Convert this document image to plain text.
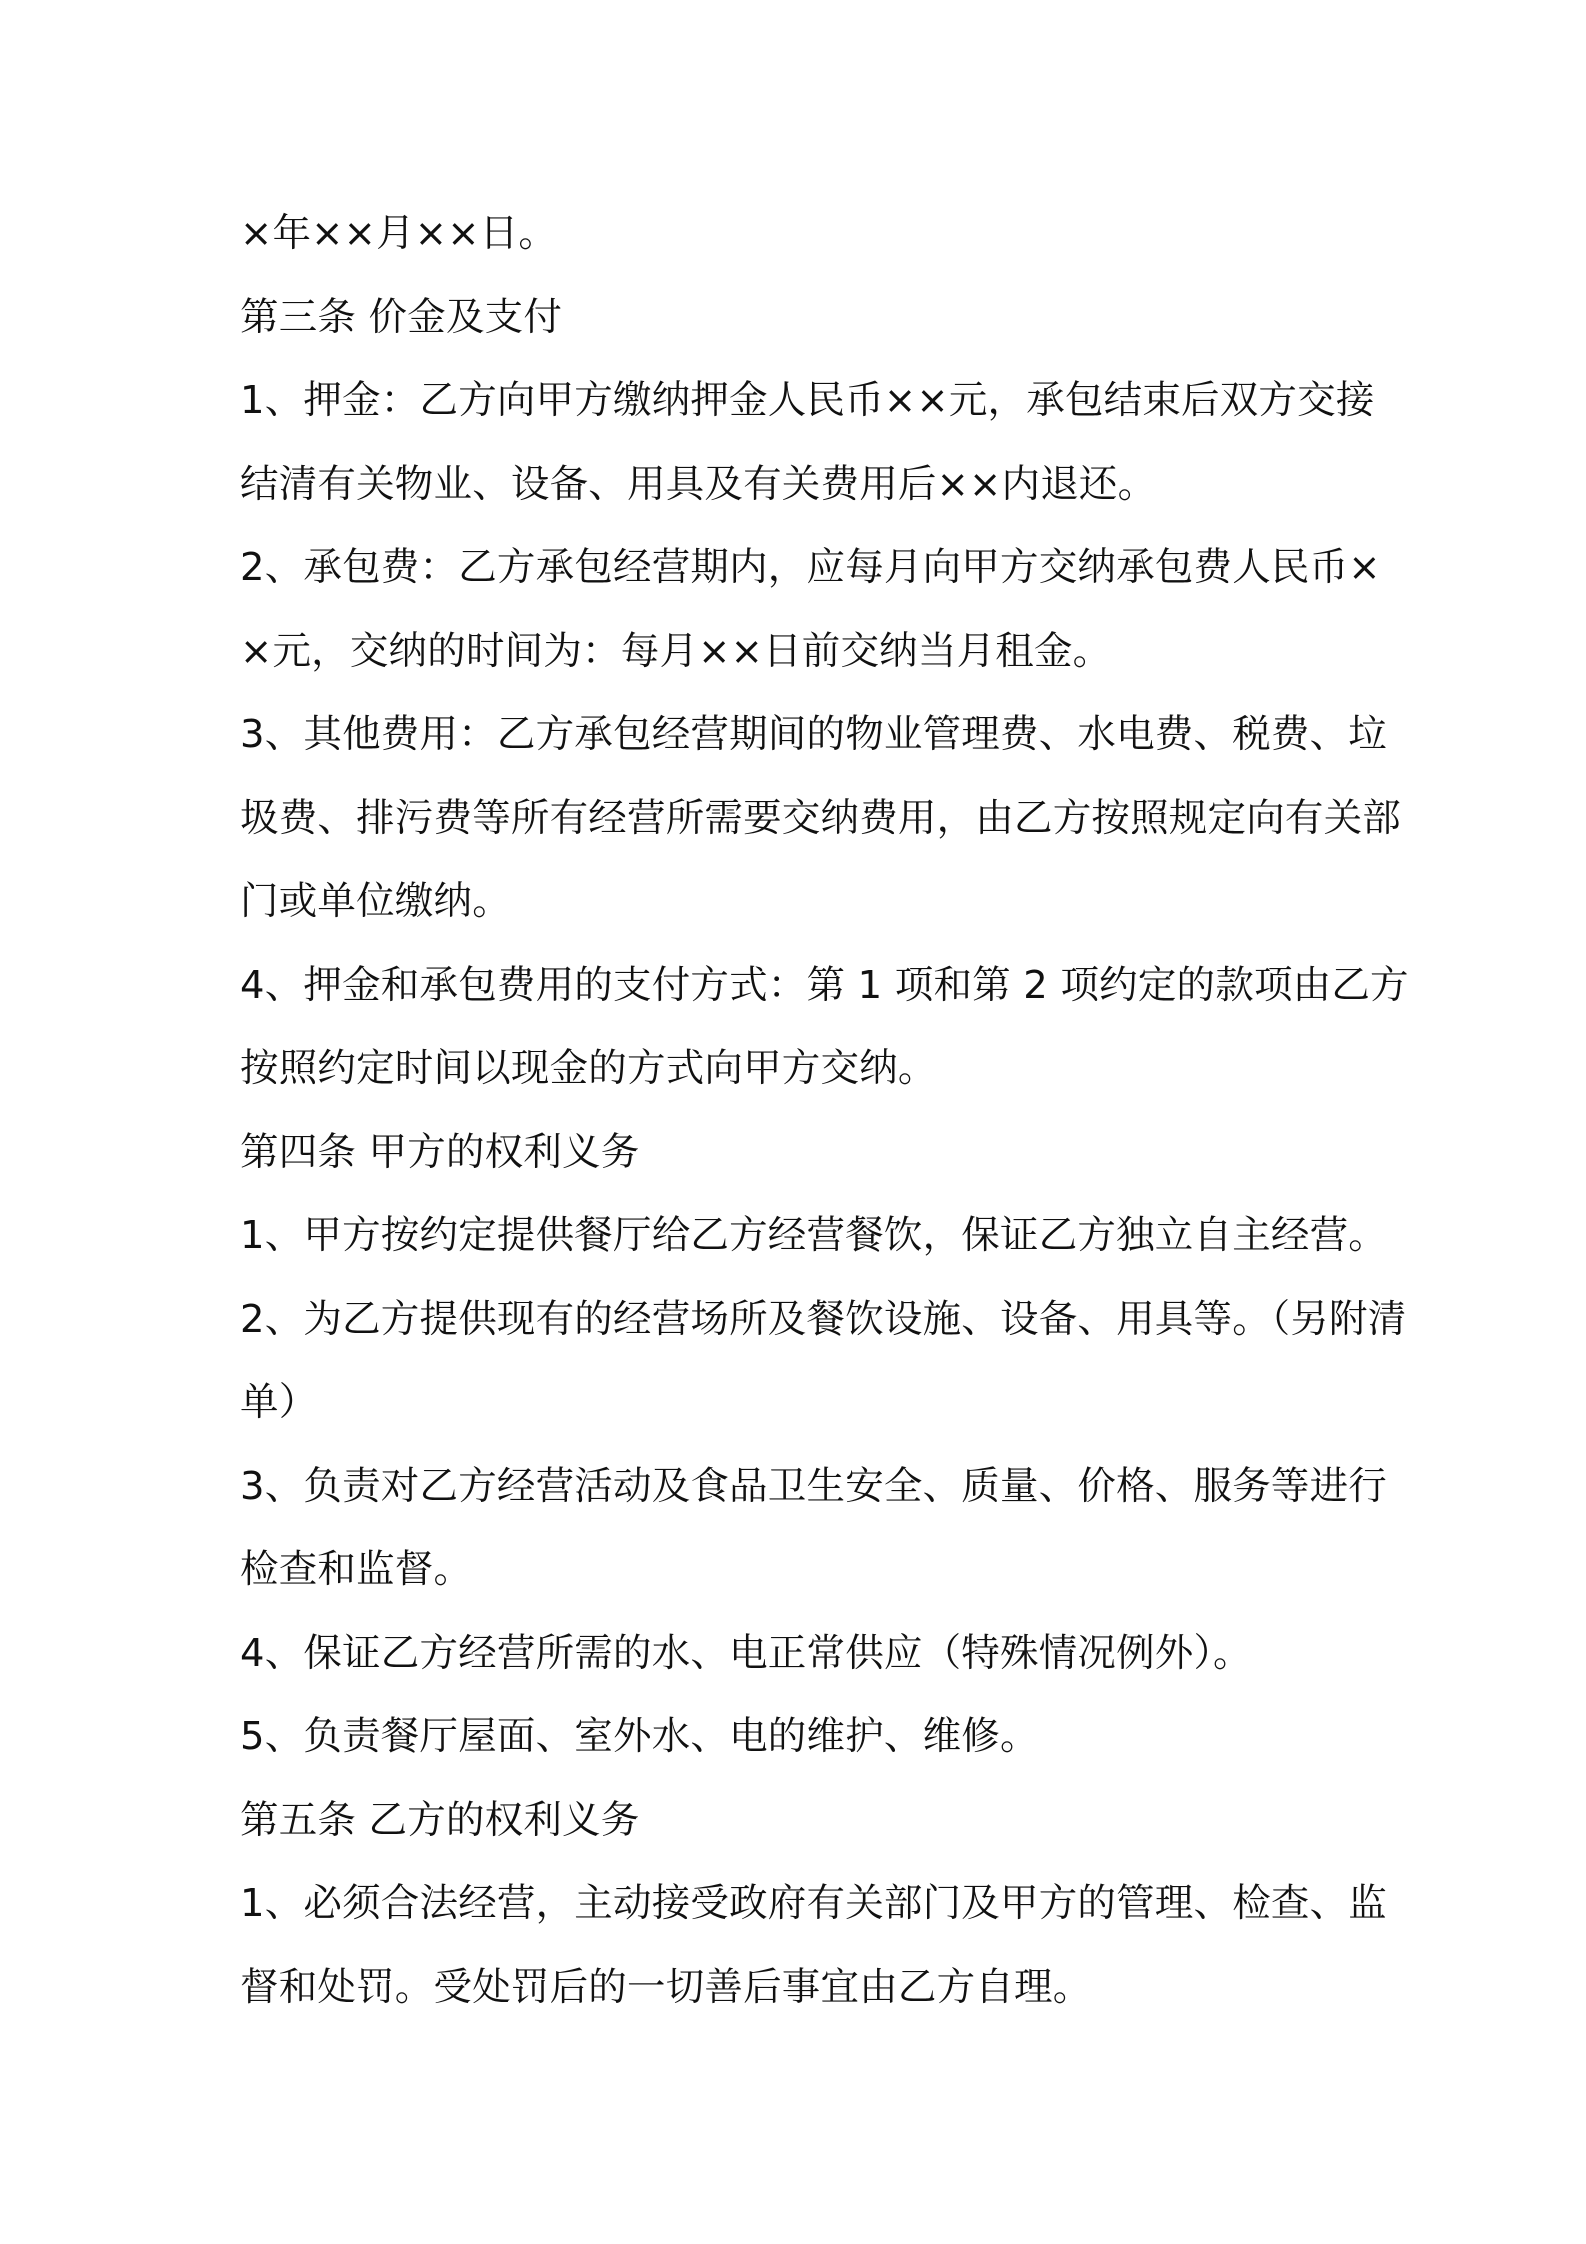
×年××月××日。
第三条 价金及支付
1、押金：乙方向甲方缴纳押金人民币××元，承包结束后双方交接
结清有关物业、设备、用具及有关费用后××内退还。
2、承包费：乙方承包经营期内，应每月向甲方交纳承包费人民币×
×元，交纳的时间为：每月××日前交纳当月租金。
3、其他费用：乙方承包经营期间的物业管理费、水电费、税费、垃
圾费、排污费等所有经营所需要交纳费用，由乙方按照规定向有关部
门或单位缴纳。
4、押金和承包费用的支付方式：第 1 项和第 2 项约定的款项由乙方
按照约定时间以现金的方式向甲方交纳。
第四条 甲方的权利义务
1、甲方按约定提供餐厅给乙方经营餐饮，保证乙方独立自主经营。
2、为乙方提供现有的经营场所及餐饮设施、设备、用具等。（另附清
单）
3、负责对乙方经营活动及食品卫生安全、质量、价格、服务等进行
检查和监督。
4、保证乙方经营所需的水、电正常供应（特殊情况例外）。
5、负责餐厅屋面、室外水、电的维护、维修。
第五条 乙方的权利义务
1、必须合法经营，主动接受政府有关部门及甲方的管理、检查、监
督和处罚。受处罚后的一切善后事宜由乙方自理。
